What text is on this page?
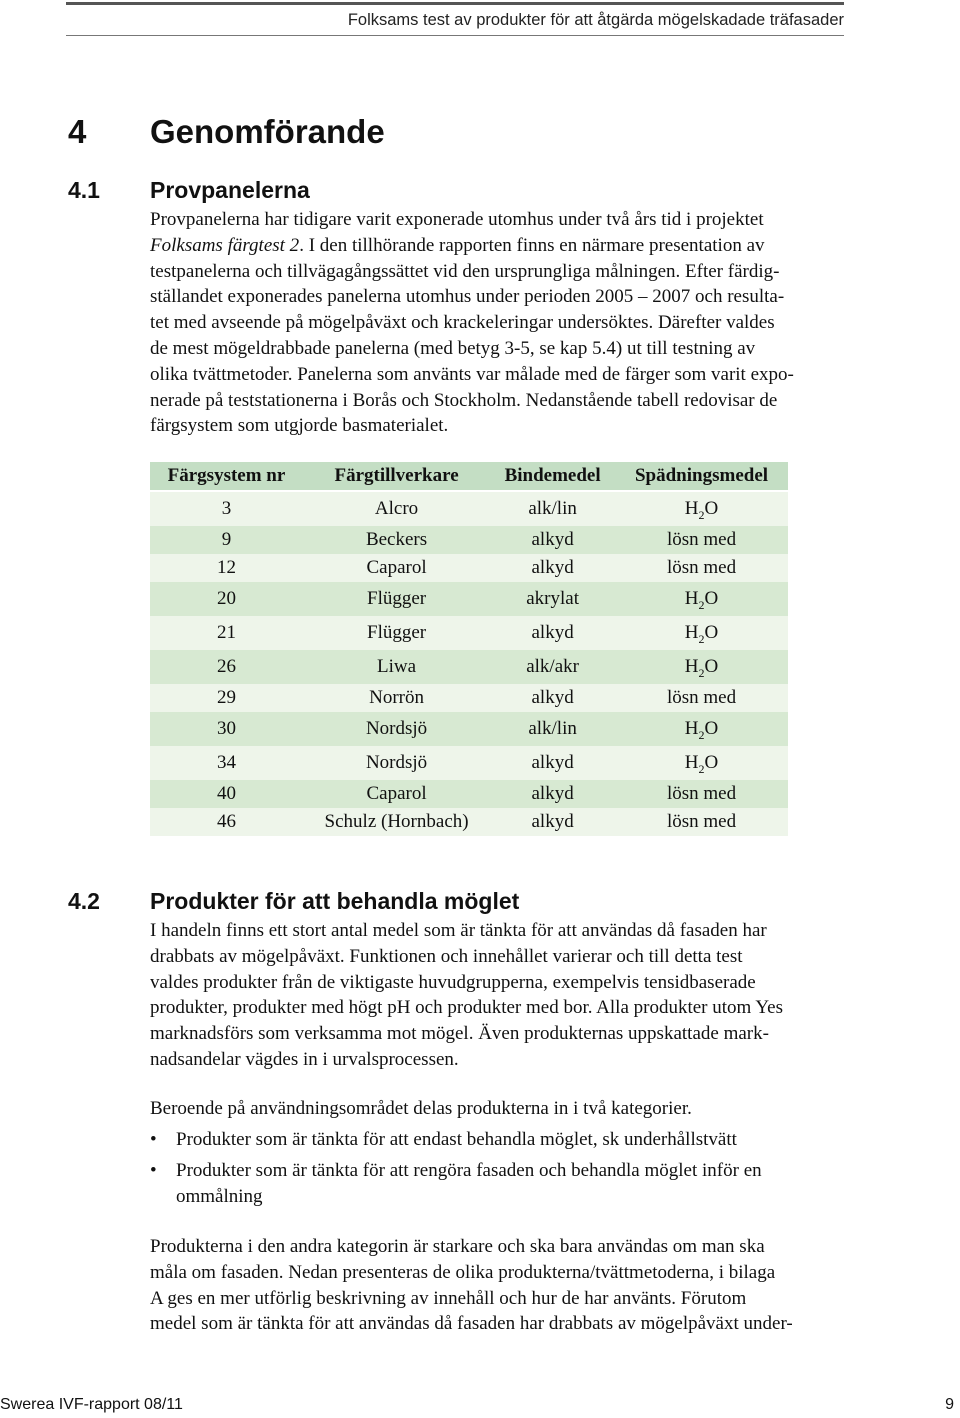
Folksams test av produkter för att åtgärda mögelskadade träfasader
4 Genomförande
4.1 Provpanelerna

Provpanelerna har tidigare varit exponerade utomhus under två års tid i projektet
Folksams färgtest 2. I den tillhörande rapporten finns en närmare presentation av
testpanelerna och tillvägagångssättet vid den ursprungliga målningen. Efter färdig-
ställandet exponerades panelerna utomhus under perioden 2005 – 2007 och resulta-
tet med avseende på mögelpåväxt och krackeleringar undersöktes. Därefter valdes
de mest mögeldrabbade panelerna (med betyg 3-5, se kap 5.4) ut till testning av
olika tvättmetoder. Panelerna som använts var målade med de färger som varit expo-
nerade på teststationerna i Borås och Stockholm. Nedanstående tabell redovisar de
färgsystem som utgjorde basmaterialet.

Färgsystem nr	Färgtillverkare	Bindemedel	Spädningsmedel
3	Alcro	alk/lin	$H_2O$
9	Beckers	alkyd	lösn med
12	Caparol	alkyd	lösn med
20	Flügger	akrylat	$H_2O$
21	Flügger	alkyd	$H_2O$
26	Liwa	alk/akr	$H_2O$
29	Norrön	alkyd	lösn med
30	Nordsjö	alk/lin	$H_2O$
34	Nordsjö	alkyd	$H_2O$
40	Caparol	alkyd	lösn med
46	Schulz (Hornbach)	alkyd	lösn med
4.2 Produkter för att behandla möglet

I handeln finns ett stort antal medel som är tänkta för att användas då fasaden har
drabbats av mögelpåväxt. Funktionen och innehållet varierar och till detta test
valdes produkter från de viktigaste huvudgrupperna, exempelvis tensidbaserade
produkter, produkter med högt pH och produkter med bor. Alla produkter utom Yes
marknadsförs som verksamma mot mögel. Även produkternas uppskattade mark-
nadsandelar vägdes in i urvalsprocessen.

Beroende på användningsområdet delas produkterna in i två kategorier.

• Produkter som är tänkta för att endast behandla möglet, sk underhållstvätt
• Produkter som är tänkta för att rengöra fasaden och behandla möglet inför en
ommålning

Produkterna i den andra kategorin är starkare och ska bara användas om man ska
måla om fasaden. Nedan presenteras de olika produkterna/tvättmetoderna, i bilaga
A ges en mer utförlig beskrivning av innehåll och hur de har använts. Förutom
medel som är tänkta för att användas då fasaden har drabbats av mögelpåväxt under-

Swerea IVF-rapport 08/11	9
